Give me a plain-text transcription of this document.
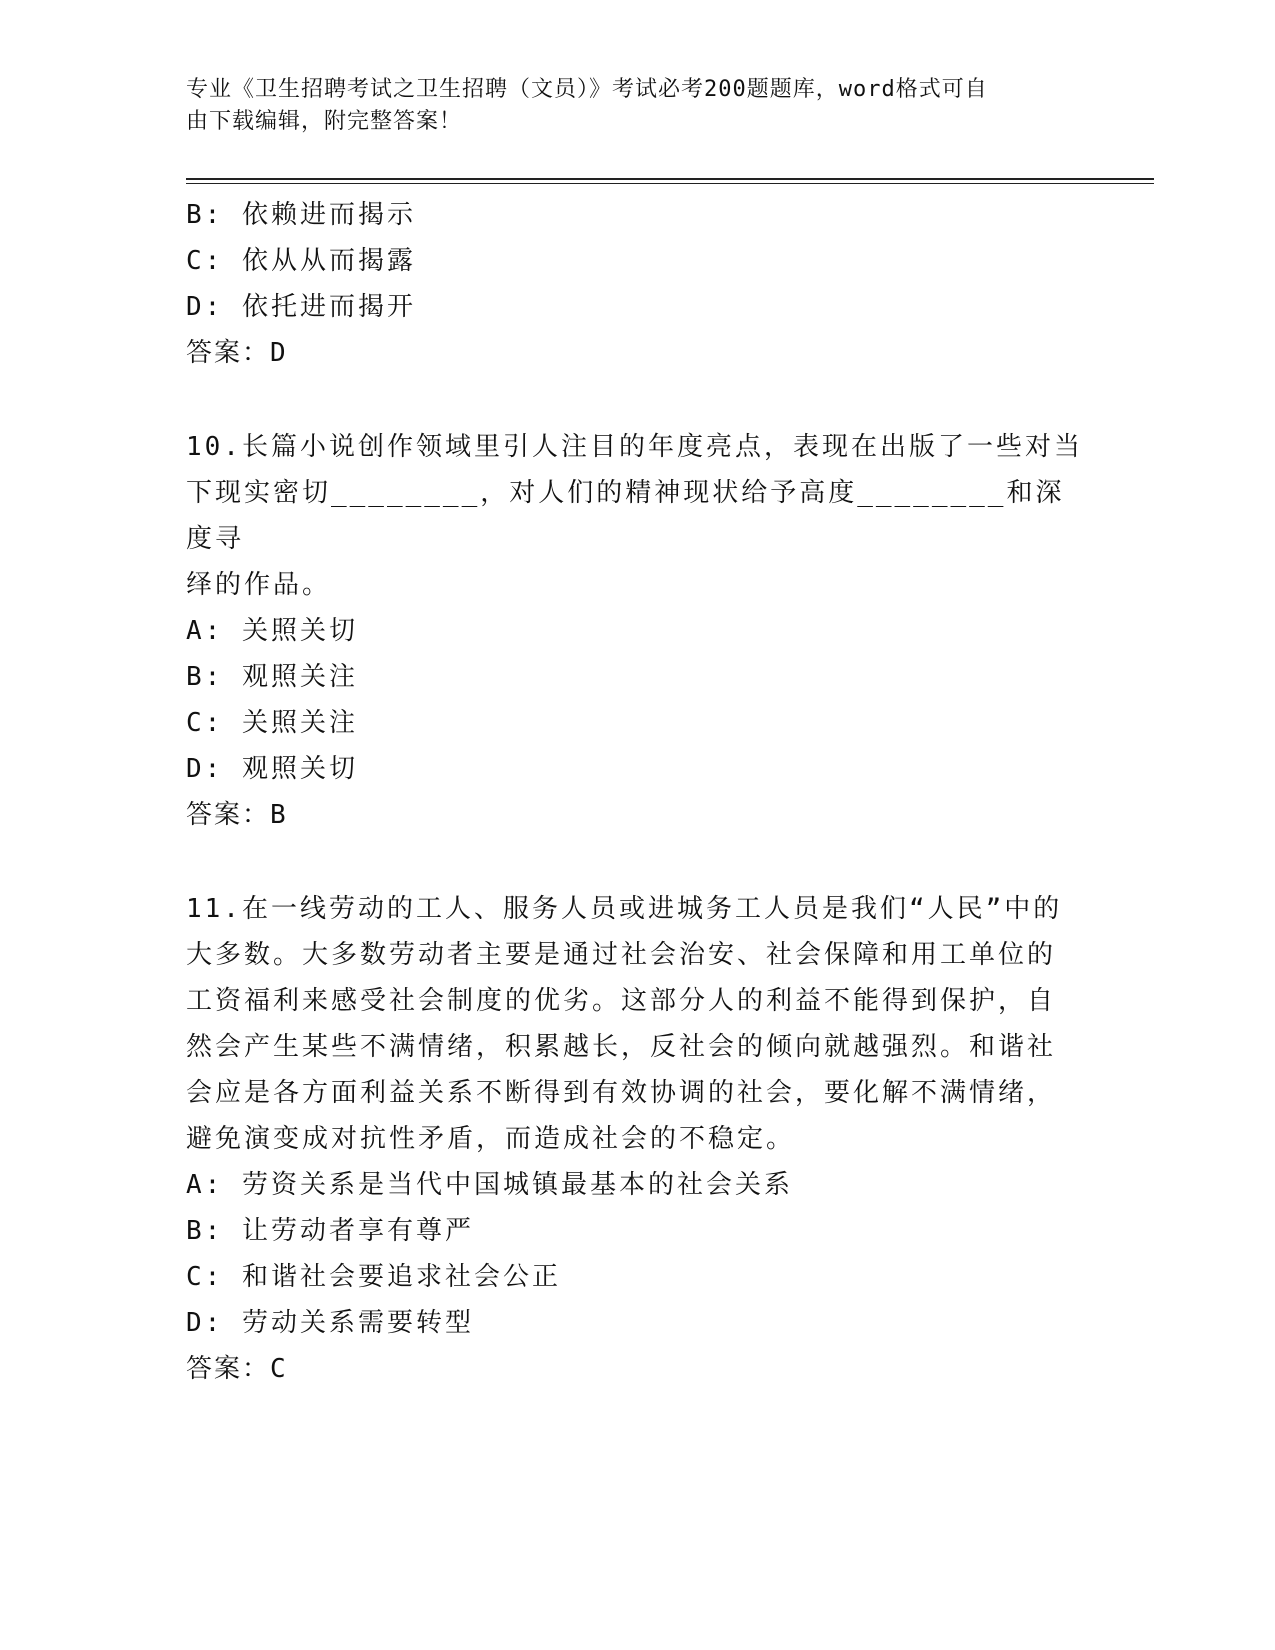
专业《卫生招聘考试之卫生招聘（文员）》考试必考200题题库，word格式可自
由下载编辑，附完整答案！
B: 依赖进而揭示
C: 依从从而揭露
D: 依托进而揭开
答案：D
10.长篇小说创作领域里引人注目的年度亮点，表现在出版了一些对当
下现实密切________，对人们的精神现状给予高度________和深度寻
绎的作品。
A: 关照关切
B: 观照关注
C: 关照关注
D: 观照关切
答案：B
11.在一线劳动的工人、服务人员或进城务工人员是我们“人民”中的
大多数。大多数劳动者主要是通过社会治安、社会保障和用工单位的
工资福利来感受社会制度的优劣。这部分人的利益不能得到保护，自
然会产生某些不满情绪，积累越长，反社会的倾向就越强烈。和谐社
会应是各方面利益关系不断得到有效协调的社会，要化解不满情绪，
避免演变成对抗性矛盾，而造成社会的不稳定。
A: 劳资关系是当代中国城镇最基本的社会关系
B: 让劳动者享有尊严
C: 和谐社会要追求社会公正
D: 劳动关系需要转型
答案：C
